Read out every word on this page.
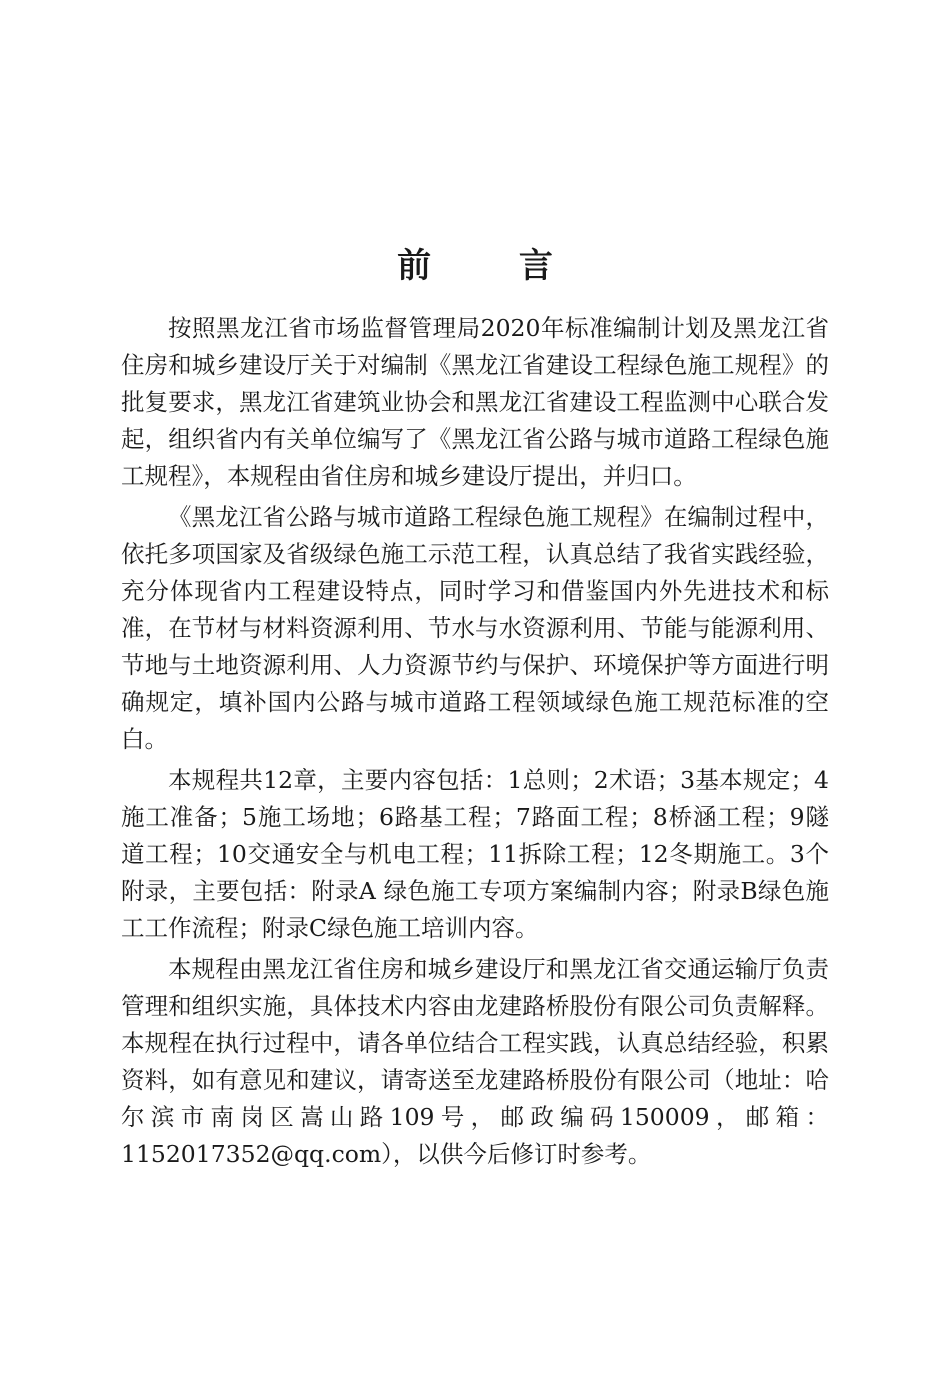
前 言

按照黑龙江省市场监督管理局2020年标准编制计划及黑龙江省住房和城乡建设厅关于对编制《黑龙江省建设工程绿色施工规程》的批复要求，黑龙江省建筑业协会和黑龙江省建设工程监测中心联合发起，组织省内有关单位编写了《黑龙江省公路与城市道路工程绿色施工规程》，本规程由省住房和城乡建设厅提出，并归口。

《黑龙江省公路与城市道路工程绿色施工规程》在编制过程中，依托多项国家及省级绿色施工示范工程，认真总结了我省实践经验，充分体现省内工程建设特点，同时学习和借鉴国内外先进技术和标准，在节材与材料资源利用、节水与水资源利用、节能与能源利用、节地与土地资源利用、人力资源节约与保护、环境保护等方面进行明确规定，填补国内公路与城市道路工程领域绿色施工规范标准的空白。

本规程共12章，主要内容包括：1总则；2术语；3基本规定；4施工准备；5施工场地；6路基工程；7路面工程；8桥涵工程；9隧道工程；10交通安全与机电工程；11拆除工程；12冬期施工。3个附录，主要包括：附录A 绿色施工专项方案编制内容；附录B绿色施工工作流程；附录C绿色施工培训内容。

本规程由黑龙江省住房和城乡建设厅和黑龙江省交通运输厅负责管理和组织实施，具体技术内容由龙建路桥股份有限公司负责解释。本规程在执行过程中，请各单位结合工程实践，认真总结经验，积累资料，如有意见和建议，请寄送至龙建路桥股份有限公司（地址：哈尔滨市南岗区嵩山路109号，邮政编码150009，邮箱：1152017352@qq.com），以供今后修订时参考。
